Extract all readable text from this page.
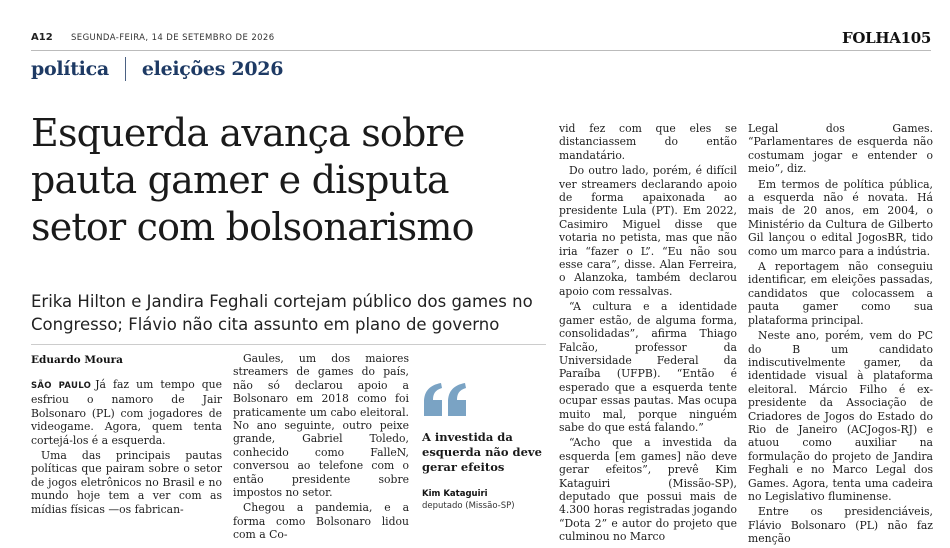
A12 SEGUNDA-FEIRA, 14 DE SETEMBRO DE 2026	FOLHA105
política eleições 2026
Esquerda avança sobre pauta gamer e disputa setor com bolsonarismo
Erika Hilton e Jandira Feghali cortejam público dos games no Congresso; Flávio não cita assunto em plano de governo
Eduardo Moura

SÃO PAULO Já faz um tempo que esfriou o namoro de Jair Bolsonaro (PL) com jogadores de videogame. Agora, quem tenta cortejá-los é a esquerda.

Uma das principais pautas políticas que pairam sobre o setor de jogos eletrônicos no Brasil e no mundo hoje tem a ver com as mídias físicas —os fabrican-

Gaules, um dos maiores streamers de games do país, não só declarou apoio a Bolsonaro em 2018 como foi praticamente um cabo eleitoral. No ano seguinte, outro peixe grande, Gabriel Toledo, conhecido como FalleN, conversou ao telefone com o então presidente sobre impostos no setor.

Chegou a pandemia, e a forma como Bolsonaro lidou com a Co-

A investida da esquerda não deve gerar efeitos
Kim Kataguiri
deputado (Missão-SP)

vid fez com que eles se distanciassem do então mandatário.

Do outro lado, porém, é difícil ver streamers declarando apoio de forma apaixonada ao presidente Lula (PT). Em 2022, Casimiro Miguel disse que votaria no petista, mas que não iria “fazer o L”. “Eu não sou esse cara”, disse. Alan Ferreira, o Alanzoka, também declarou apoio com ressalvas.

“A cultura e a identidade gamer estão, de alguma forma, consolidadas”, afirma Thiago Falcão, professor da Universidade Federal da Paraíba (UFPB). “Então é esperado que a esquerda tente ocupar essas pautas. Mas ocupa muito mal, porque ninguém sabe do que está falando.”

“Acho que a investida da esquerda [em games] não deve gerar efeitos”, prevê Kim Kataguiri (Missão-SP), deputado que possui mais de 4.300 horas registradas jogando “Dota 2” e autor do projeto que culminou no Marco

Legal dos Games. “Parlamentares de esquerda não costumam jogar e entender o meio”, diz.

Em termos de política pública, a esquerda não é novata. Há mais de 20 anos, em 2004, o Ministério da Cultura de Gilberto Gil lançou o edital JogosBR, tido como um marco para a indústria.

A reportagem não conseguiu identificar, em eleições passadas, candidatos que colocassem a pauta gamer como sua plataforma principal.

Neste ano, porém, vem do PC do B um candidato indiscutivelmente gamer, da identidade visual à plataforma eleitoral. Márcio Filho é ex-presidente da Associação de Criadores de Jogos do Estado do Rio de Janeiro (ACJogos-RJ) e atuou como auxiliar na formulação do projeto de Jandira Feghali e no Marco Legal dos Games. Agora, tenta uma cadeira no Legislativo fluminense.

Entre os presidenciáveis, Flávio Bolsonaro (PL) não faz menção
